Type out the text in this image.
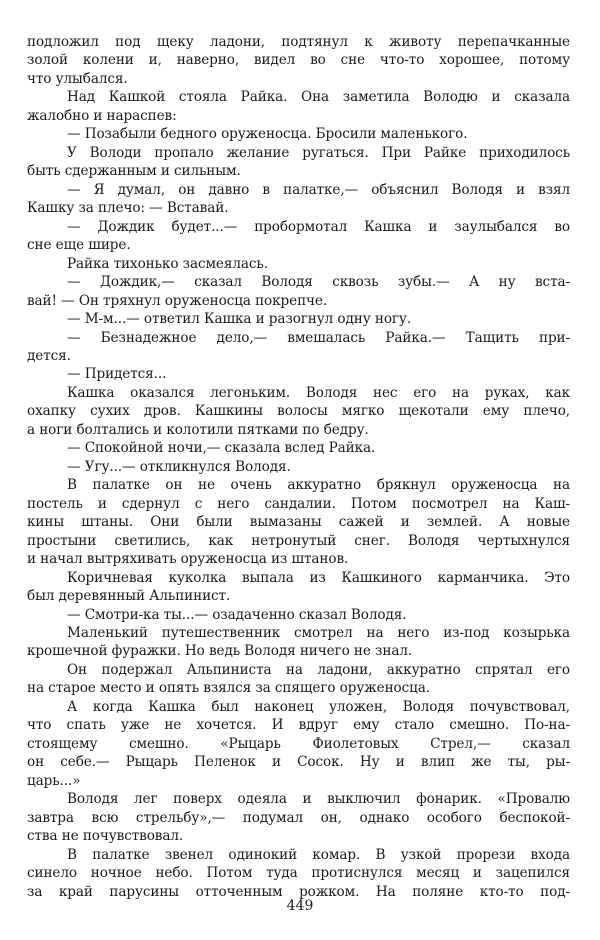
подложил под щеку ладони, подтянул к животу перепачканные
золой колени и, наверно, видел во сне что-то хорошее, потому
что улыбался.
Над Кашкой стояла Райка. Она заметила Володю и сказала
жалобно и нараспев:
— Позабыли бедного оруженосца. Бросили маленького.
У Володи пропало желание ругаться. При Райке приходилось
быть сдержанным и сильным.
— Я думал, он давно в палатке,— объяснил Володя и взял
Кашку за плечо: — Вставай.
— Дождик будет...— пробормотал Кашка и заулыбался во
сне еще шире.
Райка тихонько засмеялась.
— Дождик,— сказал Володя сквозь зубы.— А ну вста-
вай! — Он тряхнул оруженосца покрепче.
— М-м...— ответил Кашка и разогнул одну ногу.
— Безнадежное дело,— вмешалась Райка.— Тащить при-
дется.
— Придется...
Кашка оказался легоньким. Володя нес его на руках, как
охапку сухих дров. Кашкины волосы мягко щекотали ему плечо,
а ноги болтались и колотили пятками по бедру.
— Спокойной ночи,— сказала вслед Райка.
— Угу...— откликнулся Володя.
В палатке он не очень аккуратно брякнул оруженосца на
постель и сдернул с него сандалии. Потом посмотрел на Каш-
кины штаны. Они были вымазаны сажей и землей. А новые
простыни светились, как нетронутый снег. Володя чертыхнулся
и начал вытряхивать оруженосца из штанов.
Коричневая куколка выпала из Кашкиного карманчика. Это
был деревянный Альпинист.
— Смотри-ка ты...— озадаченно сказал Володя.
Маленький путешественник смотрел на него из-под козырька
крошечной фуражки. Но ведь Володя ничего не знал.
Он подержал Альпиниста на ладони, аккуратно спрятал его
на старое место и опять взялся за спящего оруженосца.
А когда Кашка был наконец уложен, Володя почувствовал,
что спать уже не хочется. И вдруг ему стало смешно. По-на-
стоящему смешно. «Рыцарь Фиолетовых Стрел,— сказал
он себе.— Рыцарь Пеленок и Сосок. Ну и влип же ты, ры-
царь...»
Володя лег поверх одеяла и выключил фонарик. «Провалю
завтра всю стрельбу»,— подумал он, однако особого беспокой-
ства не почувствовал.
В палатке звенел одинокий комар. В узкой прорези входа
синело ночное небо. Потом туда протиснулся месяц и зацепился
за край парусины отточенным рожком. На поляне кто-то под-
449
